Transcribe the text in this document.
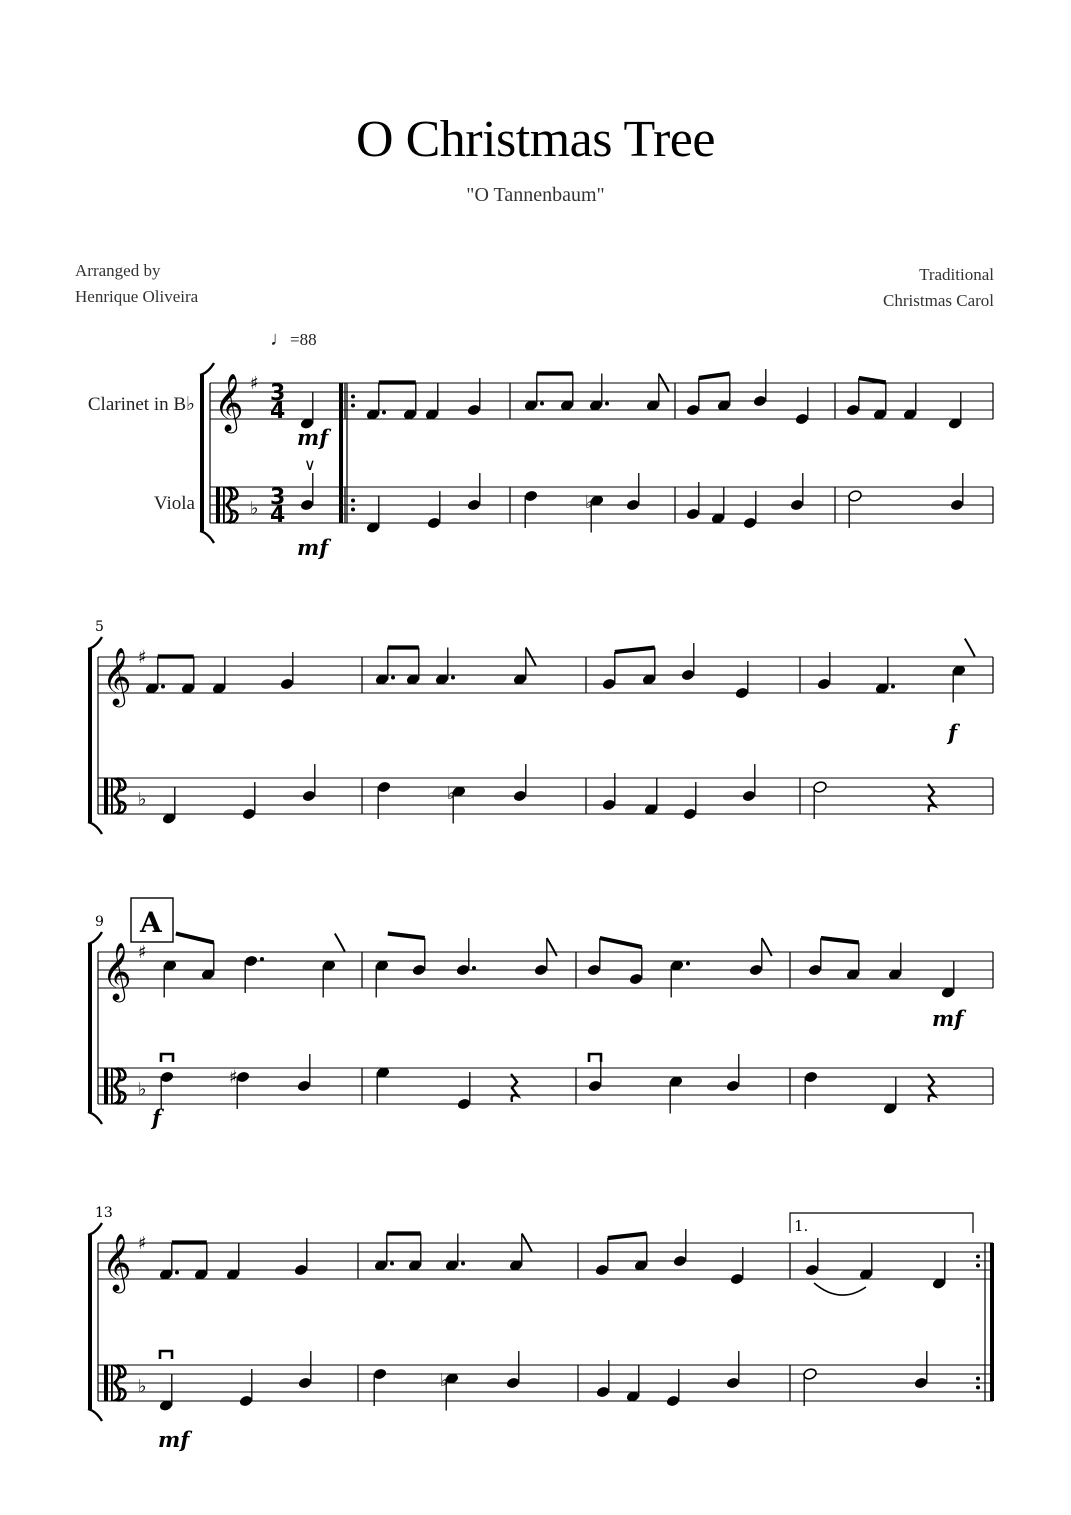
O Christmas Tree
"O Tannenbaum"
Arranged by
Henrique Oliveira
Traditional
Christmas Carol
♩=88
Clarinet in B♭
Viola
𝄞 ♯
♭
𝄞 ♯
♭
5
𝄞 ♯
♭
9
𝄞 ♯
♭
13
3
4
3
4
∨
mf
mf
♭
f
♭
A
mf
♯
f
1.
mf
♭
